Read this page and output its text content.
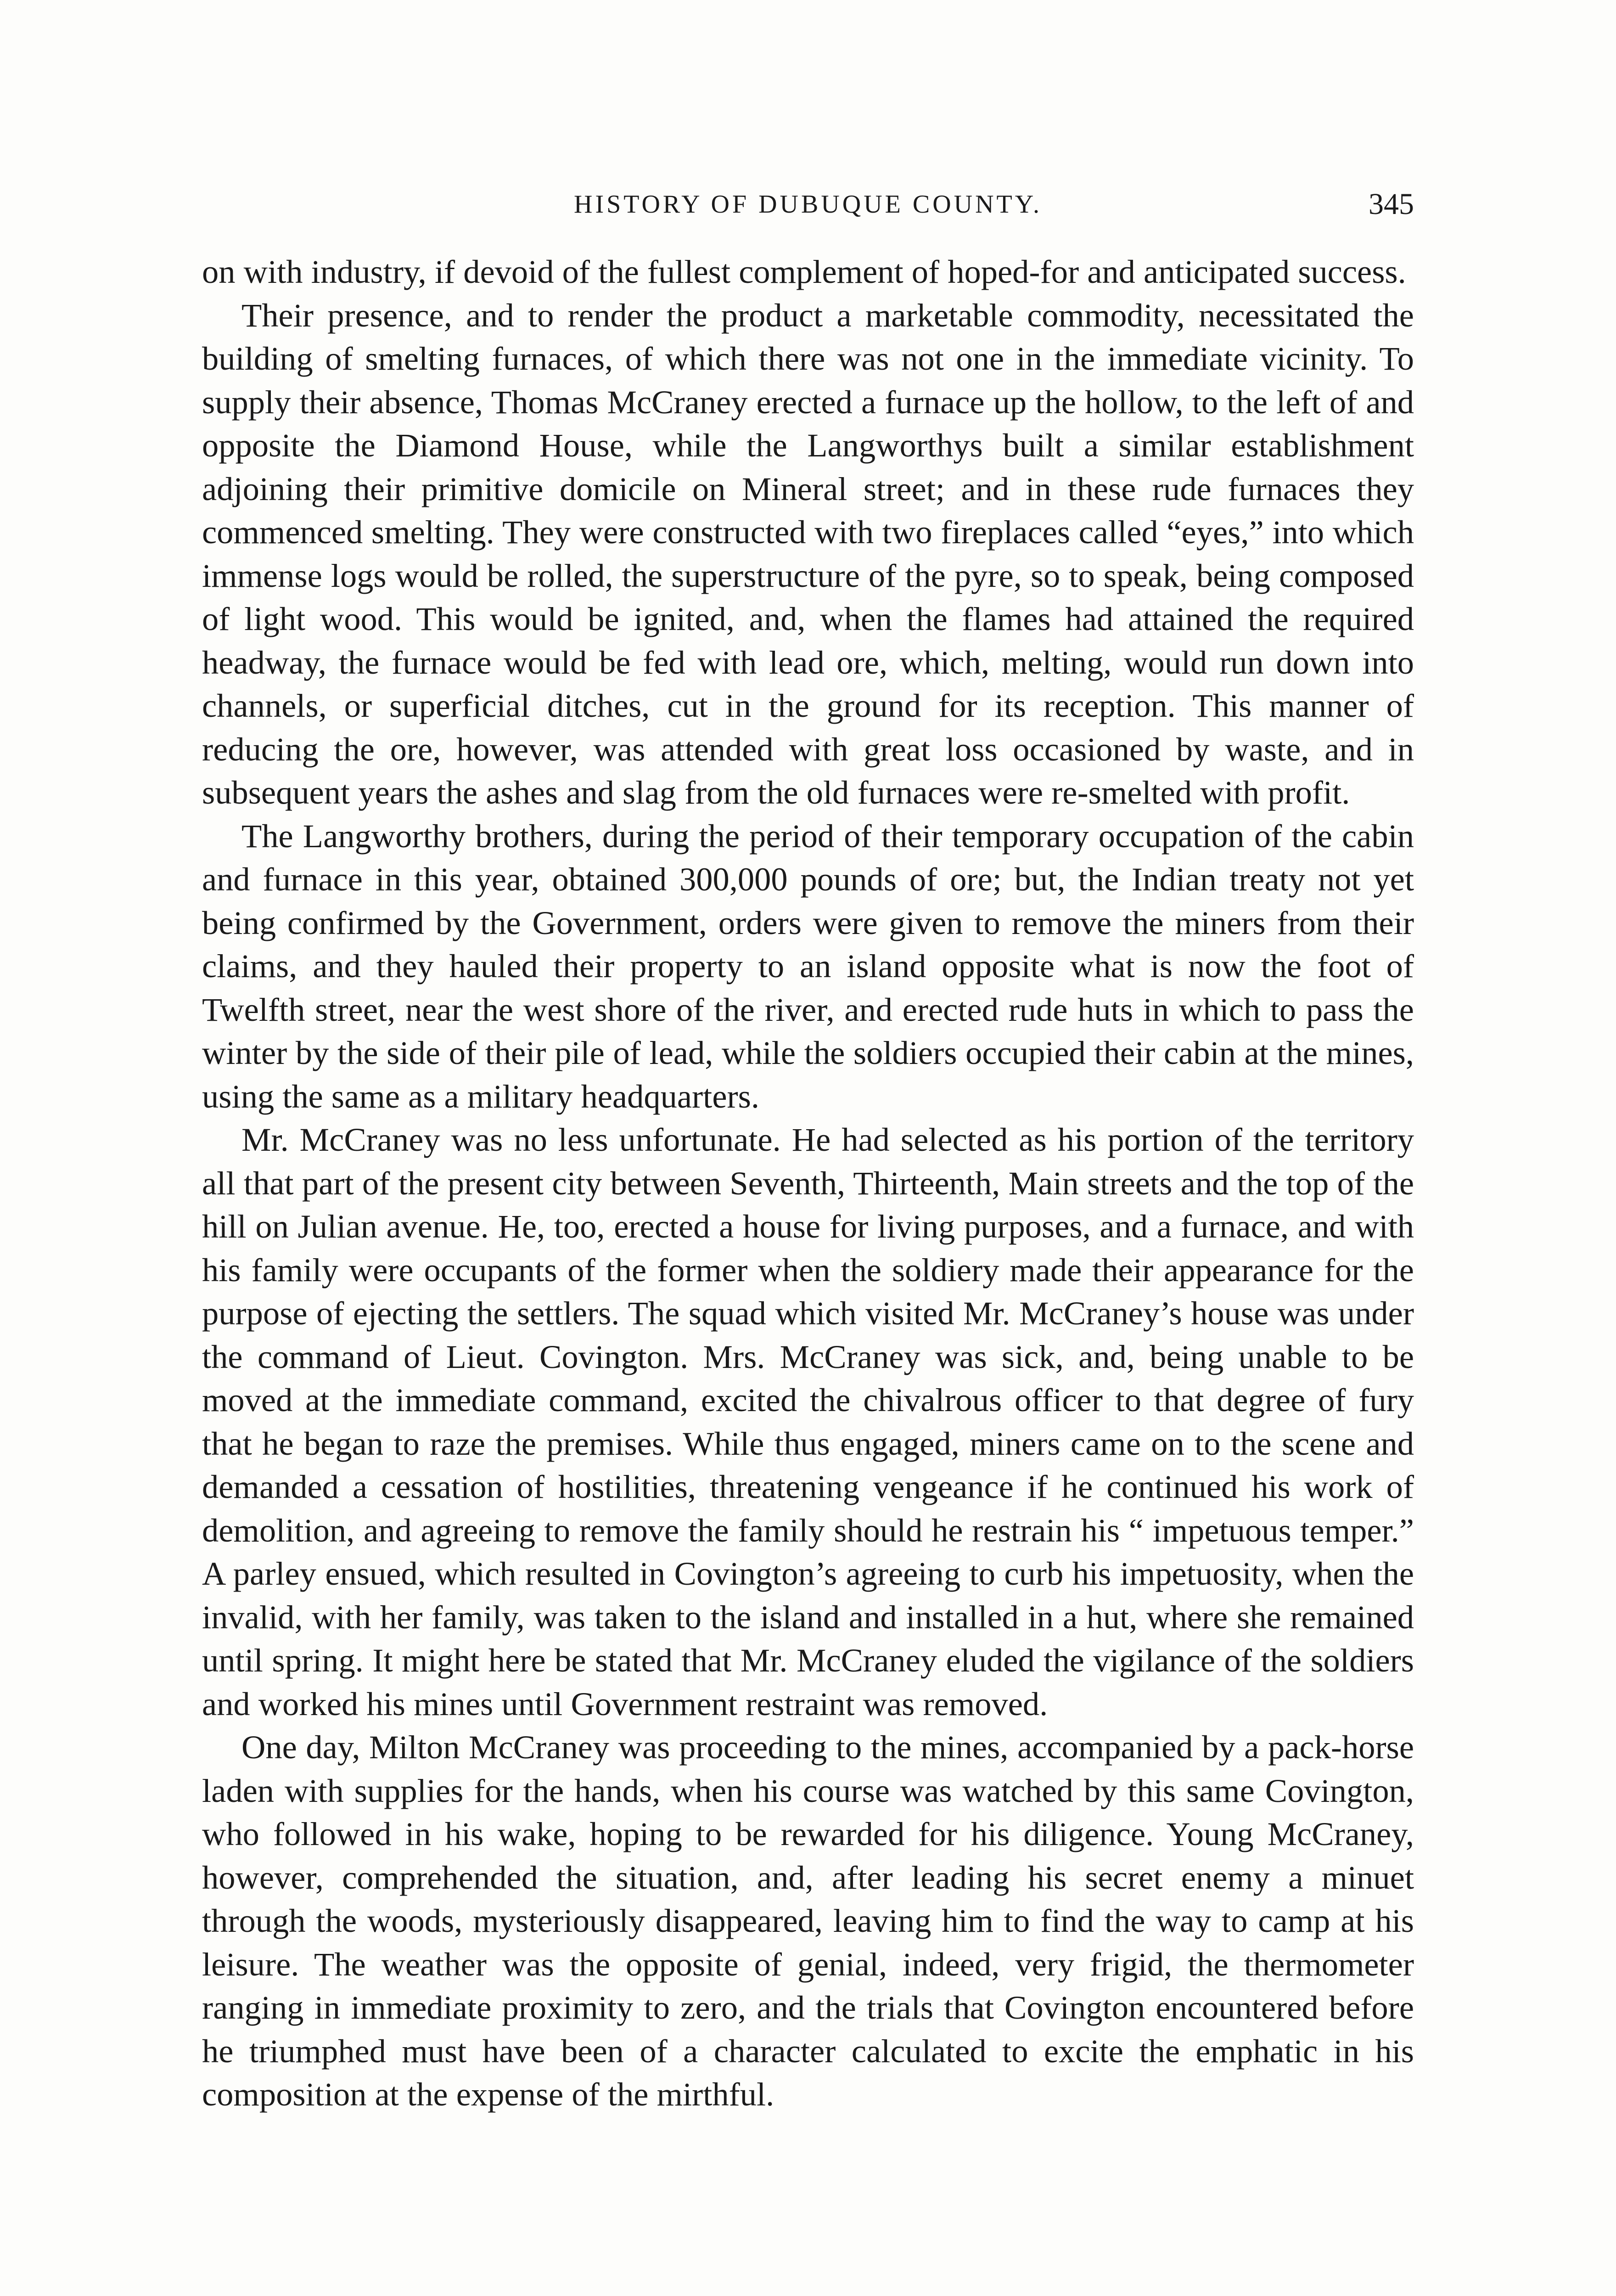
HISTORY OF DUBUQUE COUNTY.	345

on with industry, if devoid of the fullest complement of hoped-for and anticipated success.

Their presence, and to render the product a marketable commodity, necessitated the building of smelting furnaces, of which there was not one in the immediate vicinity. To supply their absence, Thomas McCraney erected a furnace up the hollow, to the left of and opposite the Diamond House, while the Langworthys built a similar establishment adjoining their primitive domicile on Mineral street; and in these rude furnaces they commenced smelting. They were constructed with two fireplaces called “eyes,” into which immense logs would be rolled, the superstructure of the pyre, so to speak, being composed of light wood. This would be ignited, and, when the flames had attained the required headway, the furnace would be fed with lead ore, which, melting, would run down into channels, or superficial ditches, cut in the ground for its reception. This manner of reducing the ore, however, was attended with great loss occasioned by waste, and in subsequent years the ashes and slag from the old furnaces were re-smelted with profit.

The Langworthy brothers, during the period of their temporary occupation of the cabin and furnace in this year, obtained 300,000 pounds of ore; but, the Indian treaty not yet being confirmed by the Government, orders were given to remove the miners from their claims, and they hauled their property to an island opposite what is now the foot of Twelfth street, near the west shore of the river, and erected rude huts in which to pass the winter by the side of their pile of lead, while the soldiers occupied their cabin at the mines, using the same as a military headquarters.

Mr. McCraney was no less unfortunate. He had selected as his portion of the territory all that part of the present city between Seventh, Thirteenth, Main streets and the top of the hill on Julian avenue. He, too, erected a house for living purposes, and a furnace, and with his family were occupants of the former when the soldiery made their appearance for the purpose of ejecting the settlers. The squad which visited Mr. McCraney’s house was under the command of Lieut. Covington. Mrs. McCraney was sick, and, being unable to be moved at the immediate command, excited the chivalrous officer to that degree of fury that he began to raze the premises. While thus engaged, miners came on to the scene and demanded a cessation of hostilities, threatening vengeance if he continued his work of demolition, and agreeing to remove the family should he restrain his “ impetuous temper.” A parley ensued, which resulted in Covington’s agreeing to curb his impetuosity, when the invalid, with her family, was taken to the island and installed in a hut, where she remained until spring. It might here be stated that Mr. McCraney eluded the vigilance of the soldiers and worked his mines until Government restraint was removed.

One day, Milton McCraney was proceeding to the mines, accompanied by a pack-horse laden with supplies for the hands, when his course was watched by this same Covington, who followed in his wake, hoping to be rewarded for his diligence. Young McCraney, however, comprehended the situation, and, after leading his secret enemy a minuet through the woods, mysteriously disappeared, leaving him to find the way to camp at his leisure. The weather was the opposite of genial, indeed, very frigid, the thermometer ranging in immediate proximity to zero, and the trials that Covington encountered before he triumphed must have been of a character calculated to excite the emphatic in his composition at the expense of the mirthful.
